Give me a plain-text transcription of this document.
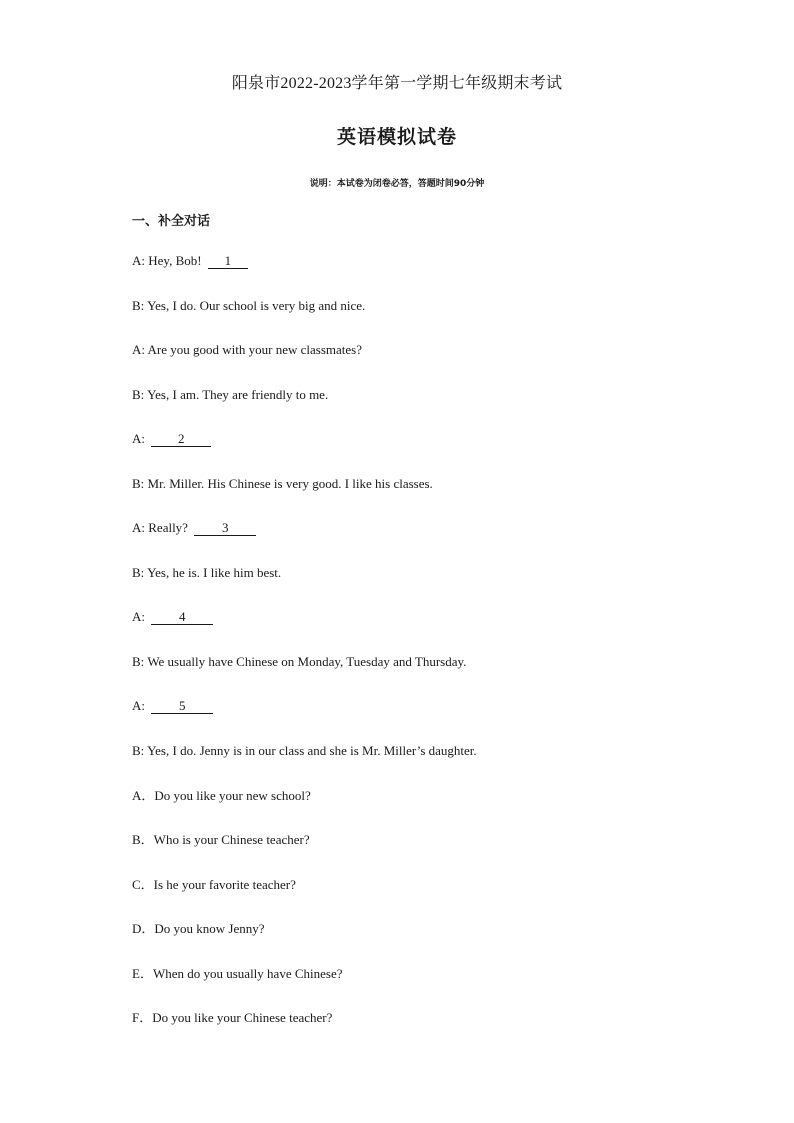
阳泉市2022-2023学年第一学期七年级期末考试
英语模拟试卷
说明：本试卷为闭卷必答，答题时间90分钟
一、补全对话
A: Hey, Bob! 1
B: Yes, I do. Our school is very big and nice.
A: Are you good with your new classmates?
B: Yes, I am. They are friendly to me.
A:	2
B: Mr. Miller. His Chinese is very good. I like his classes.
A: Really?	3
B: Yes, he is. I like him best.
A:	4
B: We usually have Chinese on Monday, Tuesday and Thursday.
A:	5
B: Yes, I do. Jenny is in our class and she is Mr. Miller’s daughter.
A．Do you like your new school?
B．Who is your Chinese teacher?
C．Is he your favorite teacher?
D．Do you know Jenny?
E．When do you usually have Chinese?
F．Do you like your Chinese teacher?
